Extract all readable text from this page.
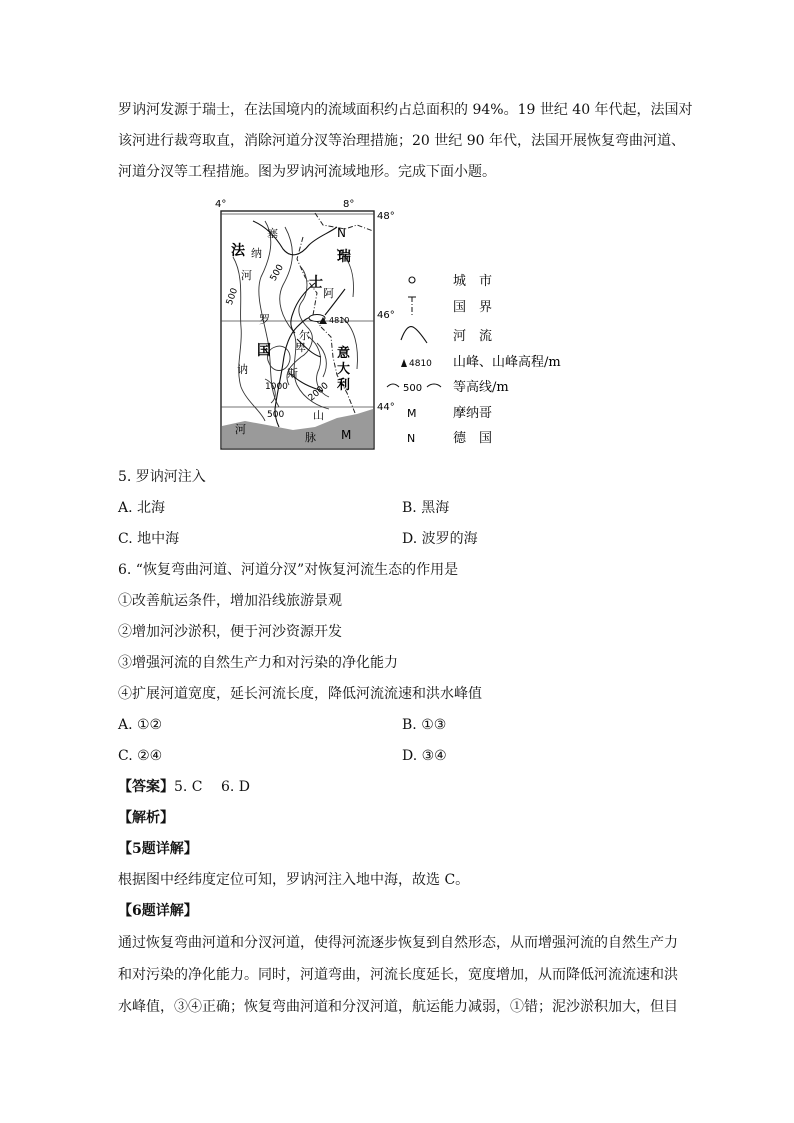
罗讷河发源于瑞士，在法国境内的流域面积约占总面积的 94%。19 世纪 40 年代起，法国对
该河进行裁弯取直，消除河道分汊等治理措施；20 世纪 90 年代，法国开展恢复弯曲河道、
河道分汊等工程措施。图为罗讷河流域地形。完成下面小题。
4810
4°	8°
48°
46°
44°
法
国
瑞
士
意
大
利
N
M
塞
纳
河
罗
讷
河
阿
尔
卑
斯
山
脉
500
500
500
1000 2000
城　市
国　界
河　流
4810 山峰、山峰高程/m
500 等高线/m
M	摩纳哥
N	德　国
5. 罗讷河注入
A. 北海	B. 黑海
C. 地中海	D. 波罗的海
6. “恢复弯曲河道、河道分汊”对恢复河流生态的作用是
①改善航运条件，增加沿线旅游景观
②增加河沙淤积，便于河沙资源开发
③增强河流的自然生产力和对污染的净化能力
④扩展河道宽度，延长河流长度，降低河流流速和洪水峰值
A. ①②	B. ①③
C. ②④	D. ③④
【答案】5. C　 6. D
【解析】
【5题详解】
根据图中经纬度定位可知，罗讷河注入地中海，故选 C。
【6题详解】
通过恢复弯曲河道和分汊河道，使得河流逐步恢复到自然形态，从而增强河流的自然生产力
和对污染的净化能力。同时，河道弯曲，河流长度延长，宽度增加，从而降低河流流速和洪
水峰值，③④正确；恢复弯曲河道和分汊河道，航运能力减弱，①错；泥沙淤积加大，但目
